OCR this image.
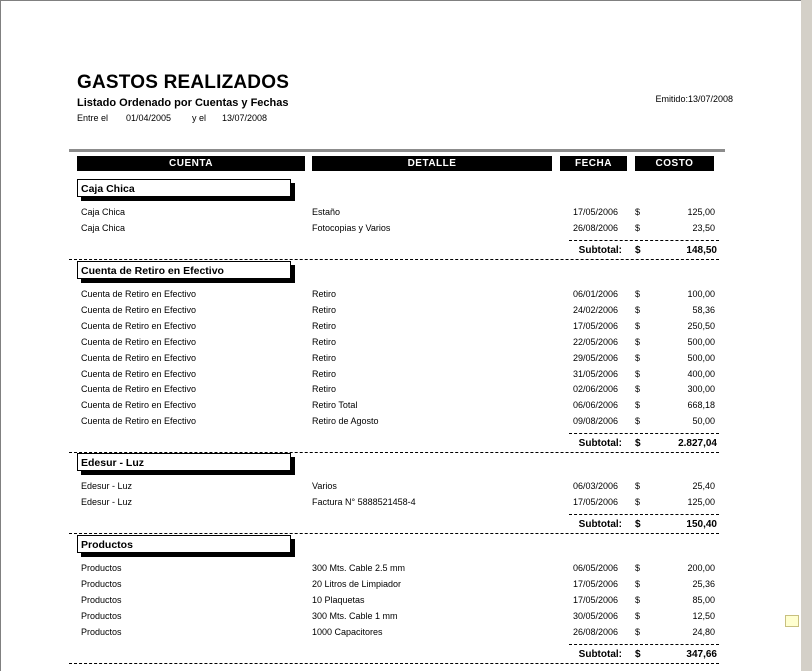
GASTOS REALIZADOS
Listado Ordenado por Cuentas y Fechas
Entre el 01/04/2005 y el 13/07/2008
Emitido:13/07/2008
CUENTA	DETALLE	FECHA	COSTO
Caja Chica
Caja Chica	Estaño	17/05/2006 $	125,00
Caja Chica	Fotocopias y Varios	26/08/2006 $	23,50
Subtotal: $	148,50
Cuenta de Retiro en Efectivo
Cuenta de Retiro en Efectivo	Retiro	06/01/2006 $	100,00
Cuenta de Retiro en Efectivo	Retiro	24/02/2006 $	58,36
Cuenta de Retiro en Efectivo	Retiro	17/05/2006 $	250,50
Cuenta de Retiro en Efectivo	Retiro	22/05/2006 $	500,00
Cuenta de Retiro en Efectivo	Retiro	29/05/2006 $	500,00
Cuenta de Retiro en Efectivo	Retiro	31/05/2006 $	400,00
Cuenta de Retiro en Efectivo	Retiro	02/06/2006 $	300,00
Cuenta de Retiro en Efectivo	Retiro Total	06/06/2006 $	668,18
Cuenta de Retiro en Efectivo	Retiro de Agosto	09/08/2006 $	50,00
Subtotal: $	2.827,04
Edesur - Luz
Edesur - Luz	Varios	06/03/2006 $	25,40
Edesur - Luz	Factura N° 5888521458-4	17/05/2006 $	125,00
Subtotal: $	150,40
Productos
Productos	300 Mts. Cable 2.5 mm	06/05/2006 $	200,00
Productos	20 Litros de Limpiador	17/05/2006 $	25,36
Productos	10 Plaquetas	17/05/2006 $	85,00
Productos	300 Mts. Cable 1 mm	30/05/2006 $	12,50
Productos	1000 Capacitores	26/08/2006 $	24,80
Subtotal: $	347,66
